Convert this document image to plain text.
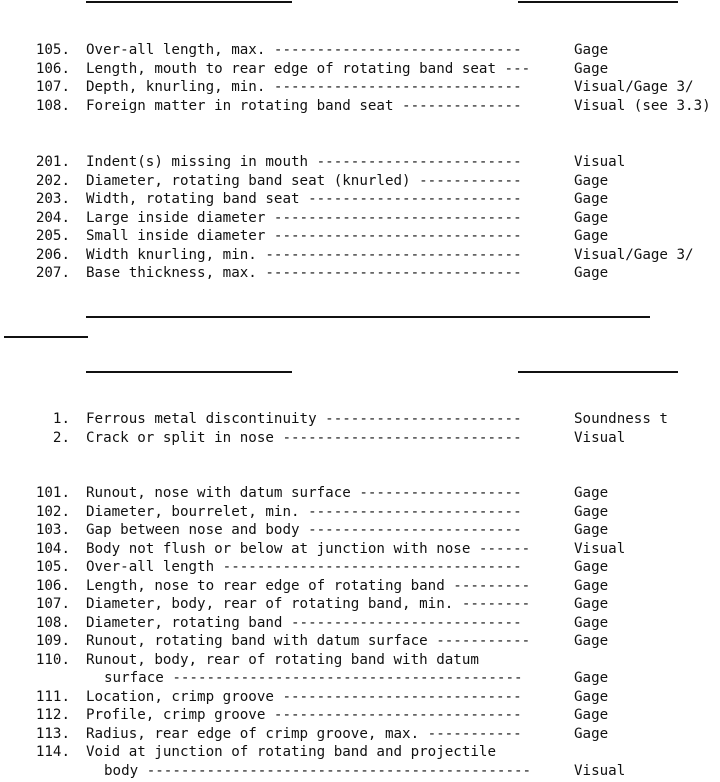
105. Over-all length, max. -----------------------------	Gage
106. Length, mouth to rear edge of rotating band seat ---	Gage
107. Depth, knurling, min. -----------------------------	Visual/Gage 3/
108. Foreign matter in rotating band seat --------------	Visual (see 3.3)

201. Indent(s) missing in mouth ------------------------	Visual
202. Diameter, rotating band seat (knurled) ------------	Gage
203. Width, rotating band seat -------------------------	Gage
204. Large inside diameter -----------------------------	Gage
205. Small inside diameter -----------------------------	Gage
206. Width knurling, min. ------------------------------	Visual/Gage 3/
207. Base thickness, max. ------------------------------	Gage

1. Ferrous metal discontinuity -----------------------	Soundness t
2. Crack or split in nose ----------------------------	Visual

101. Runout, nose with datum surface -------------------	Gage
102. Diameter, bourrelet, min. -------------------------	Gage
103. Gap between nose and body -------------------------	Gage
104. Body not flush or below at junction with nose ------	Visual
105. Over-all length -----------------------------------	Gage
106. Length, nose to rear edge of rotating band ---------	Gage
107. Diameter, body, rear of rotating band, min. --------	Gage
108. Diameter, rotating band ---------------------------	Gage
109. Runout, rotating band with datum surface -----------	Gage
110. Runout, body, rear of rotating band with datum
surface -----------------------------------------	Gage
111. Location, crimp groove ----------------------------	Gage
112. Profile, crimp groove -----------------------------	Gage
113. Radius, rear edge of crimp groove, max. -----------	Gage
114. Void at junction of rotating band and projectile
body ---------------------------------------------	Visual
